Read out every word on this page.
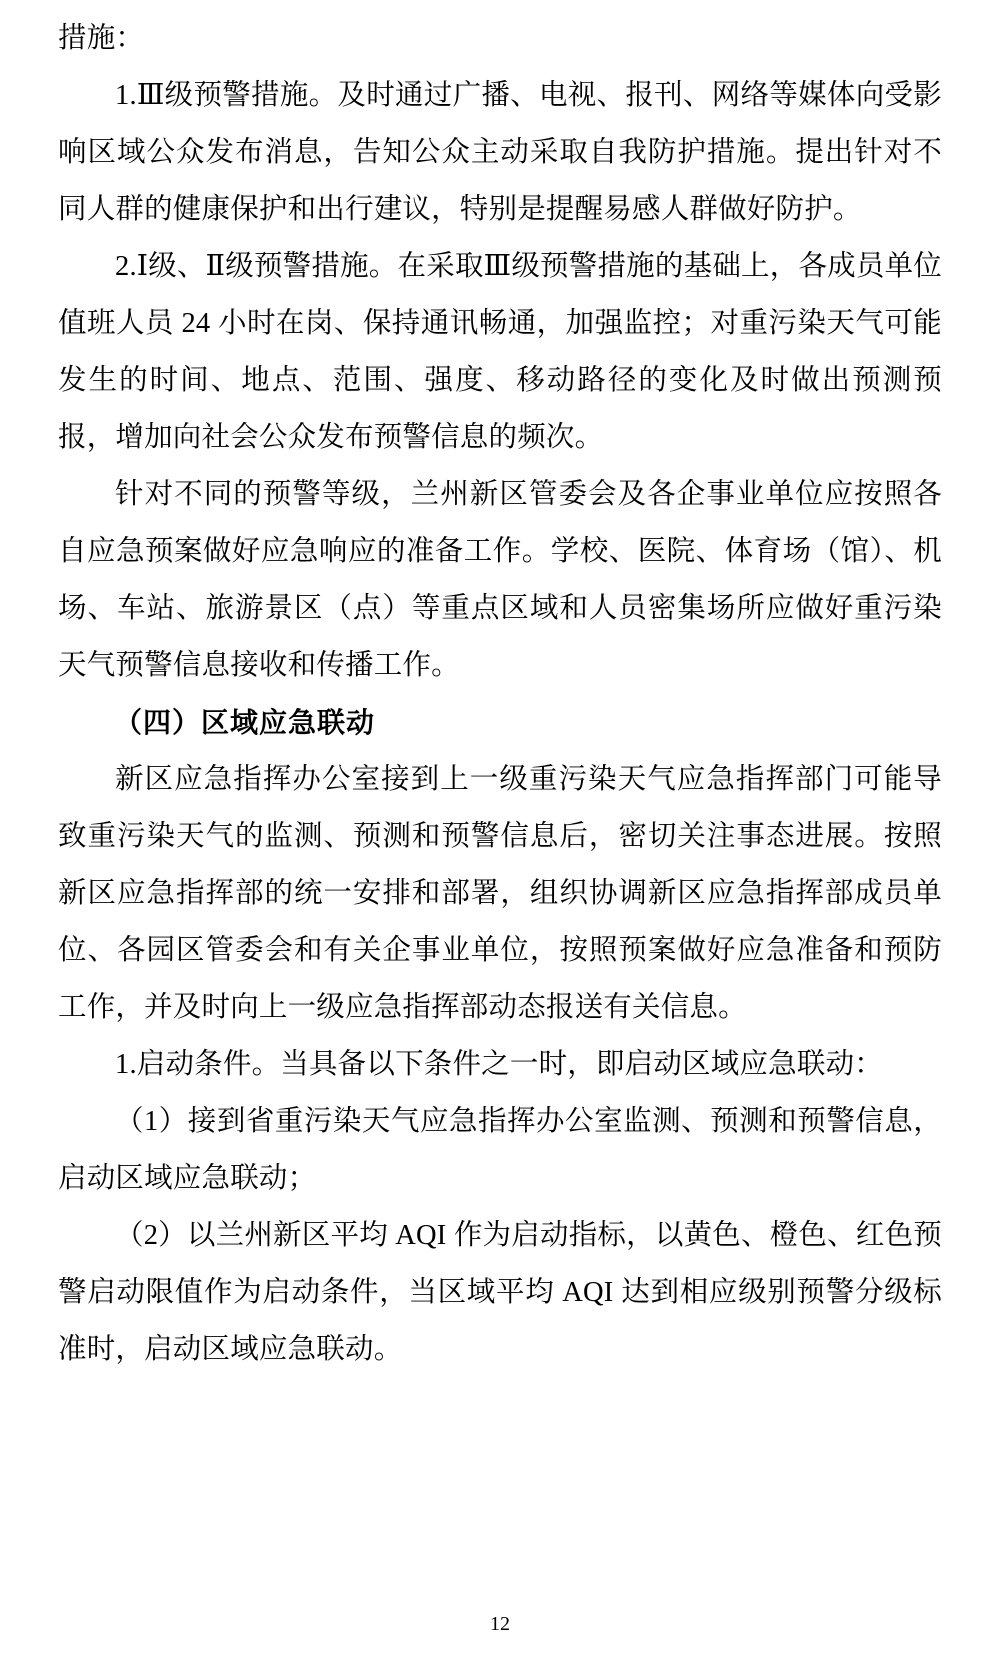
措施：

1.Ⅲ级预警措施。及时通过广播、电视、报刊、网络等媒体向受影响区域公众发布消息，告知公众主动采取自我防护措施。提出针对不同人群的健康保护和出行建议，特别是提醒易感人群做好防护。

2.Ⅰ级、Ⅱ级预警措施。在采取Ⅲ级预警措施的基础上，各成员单位值班人员 24 小时在岗、保持通讯畅通，加强监控；对重污染天气可能发生的时间、地点、范围、强度、移动路径的变化及时做出预测预报，增加向社会公众发布预警信息的频次。

针对不同的预警等级，兰州新区管委会及各企事业单位应按照各自应急预案做好应急响应的准备工作。学校、医院、体育场（馆）、机场、车站、旅游景区（点）等重点区域和人员密集场所应做好重污染天气预警信息接收和传播工作。

（四）区域应急联动

新区应急指挥办公室接到上一级重污染天气应急指挥部门可能导致重污染天气的监测、预测和预警信息后，密切关注事态进展。按照新区应急指挥部的统一安排和部署，组织协调新区应急指挥部成员单位、各园区管委会和有关企事业单位，按照预案做好应急准备和预防工作，并及时向上一级应急指挥部动态报送有关信息。

1.启动条件。当具备以下条件之一时，即启动区域应急联动：

（1）接到省重污染天气应急指挥办公室监测、预测和预警信息，启动区域应急联动；

（2）以兰州新区平均 AQI 作为启动指标，以黄色、橙色、红色预警启动限值作为启动条件，当区域平均 AQI 达到相应级别预警分级标准时，启动区域应急联动。

12
